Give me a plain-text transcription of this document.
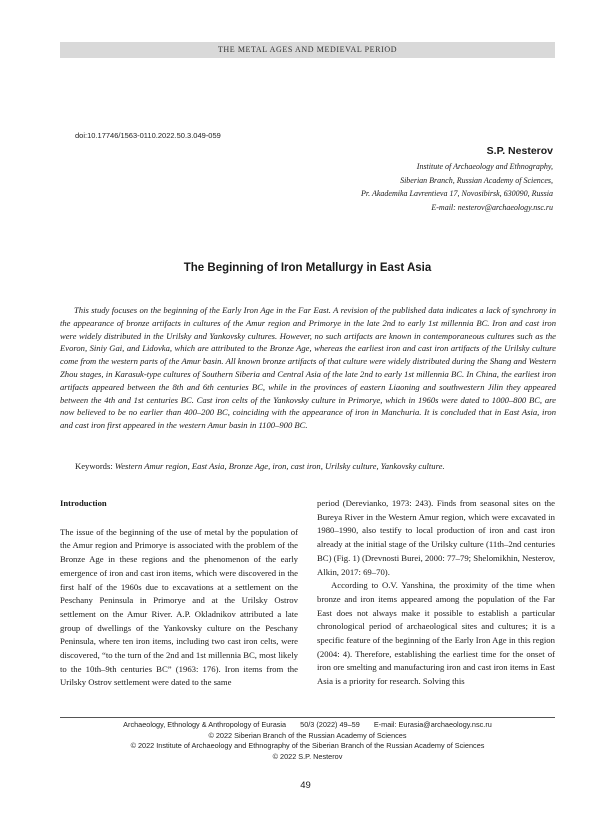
THE METAL AGES AND MEDIEVAL PERIOD
doi:10.17746/1563-0110.2022.50.3.049-059
S.P. Nesterov
Institute of Archaeology and Ethnography,
Siberian Branch, Russian Academy of Sciences,
Pr. Akademika Lavrentieva 17, Novosibirsk, 630090, Russia
E-mail: nesterov@archaeology.nsc.ru
The Beginning of Iron Metallurgy in East Asia

This study focuses on the beginning of the Early Iron Age in the Far East. A revision of the published data indicates a lack of synchrony in the appearance of bronze artifacts in cultures of the Amur region and Primorye in the late 2nd to early 1st millennia BC. Iron and cast iron were widely distributed in the Urilsky and Yankovsky cultures. However, no such artifacts are known in contemporaneous cultures such as the Evoron, Siniy Gai, and Lidovka, which are attributed to the Bronze Age, whereas the earliest iron and cast iron artifacts of the Urilsky culture come from the western parts of the Amur basin. All known bronze artifacts of that culture were widely distributed during the Shang and Western Zhou stages, in Karasuk-type cultures of Southern Siberia and Central Asia of the late 2nd to early 1st millennia BC. In China, the earliest iron artifacts appeared between the 8th and 6th centuries BC, while in the provinces of eastern Liaoning and southwestern Jilin they appeared between the 4th and 1st centuries BC. Cast iron celts of the Yankovsky culture in Primorye, which in 1960s were dated to 1000–800 BC, are now believed to be no earlier than 400–200 BC, coinciding with the appearance of iron in Manchuria. It is concluded that in East Asia, iron and cast iron first appeared in the western Amur basin in 1100–900 BC.

Keywords: Western Amur region, East Asia, Bronze Age, iron, cast iron, Urilsky culture, Yankovsky culture.

Introduction

The issue of the beginning of the use of metal by the population of the Amur region and Primorye is associated with the problem of the Bronze Age in these regions and the phenomenon of the early emergence of iron and cast iron items, which were discovered in the first half of the 1960s due to excavations at a settlement on the Peschany Peninsula in Primorye and at the Urilsky Ostrov settlement on the Amur River. A.P. Okladnikov attributed a late group of dwellings of the Yankovsky culture on the Peschany Peninsula, where ten iron items, including two cast iron celts, were discovered, “to the turn of the 2nd and 1st millennia BC, most likely to the 10th–9th centuries BC” (1963: 176). Iron items from the Urilsky Ostrov settlement were dated to the same

period (Derevianko, 1973: 243). Finds from seasonal sites on the Bureya River in the Western Amur region, which were excavated in 1980–1990, also testify to local production of iron and cast iron already at the initial stage of the Urilsky culture (11th–2nd centuries BC) (Fig. 1) (Drevnosti Burei, 2000: 77–79; Shelomikhin, Nesterov, Alkin, 2017: 69–70).

According to O.V. Yanshina, the proximity of the time when bronze and iron items appeared among the population of the Far East does not always make it possible to establish a particular chronological period of archaeological sites and cultures; it is a specific feature of the beginning of the Early Iron Age in this region (2004: 4). Therefore, establishing the earliest time for the onset of iron ore smelting and manufacturing iron and cast iron items in East Asia is a priority for research. Solving this

Archaeology, Ethnology & Anthropology of Eurasia 50/3 (2022) 49–59 E-mail: Eurasia@archaeology.nsc.ru
© 2022 Siberian Branch of the Russian Academy of Sciences
© 2022 Institute of Archaeology and Ethnography of the Siberian Branch of the Russian Academy of Sciences
© 2022 S.P. Nesterov
49
